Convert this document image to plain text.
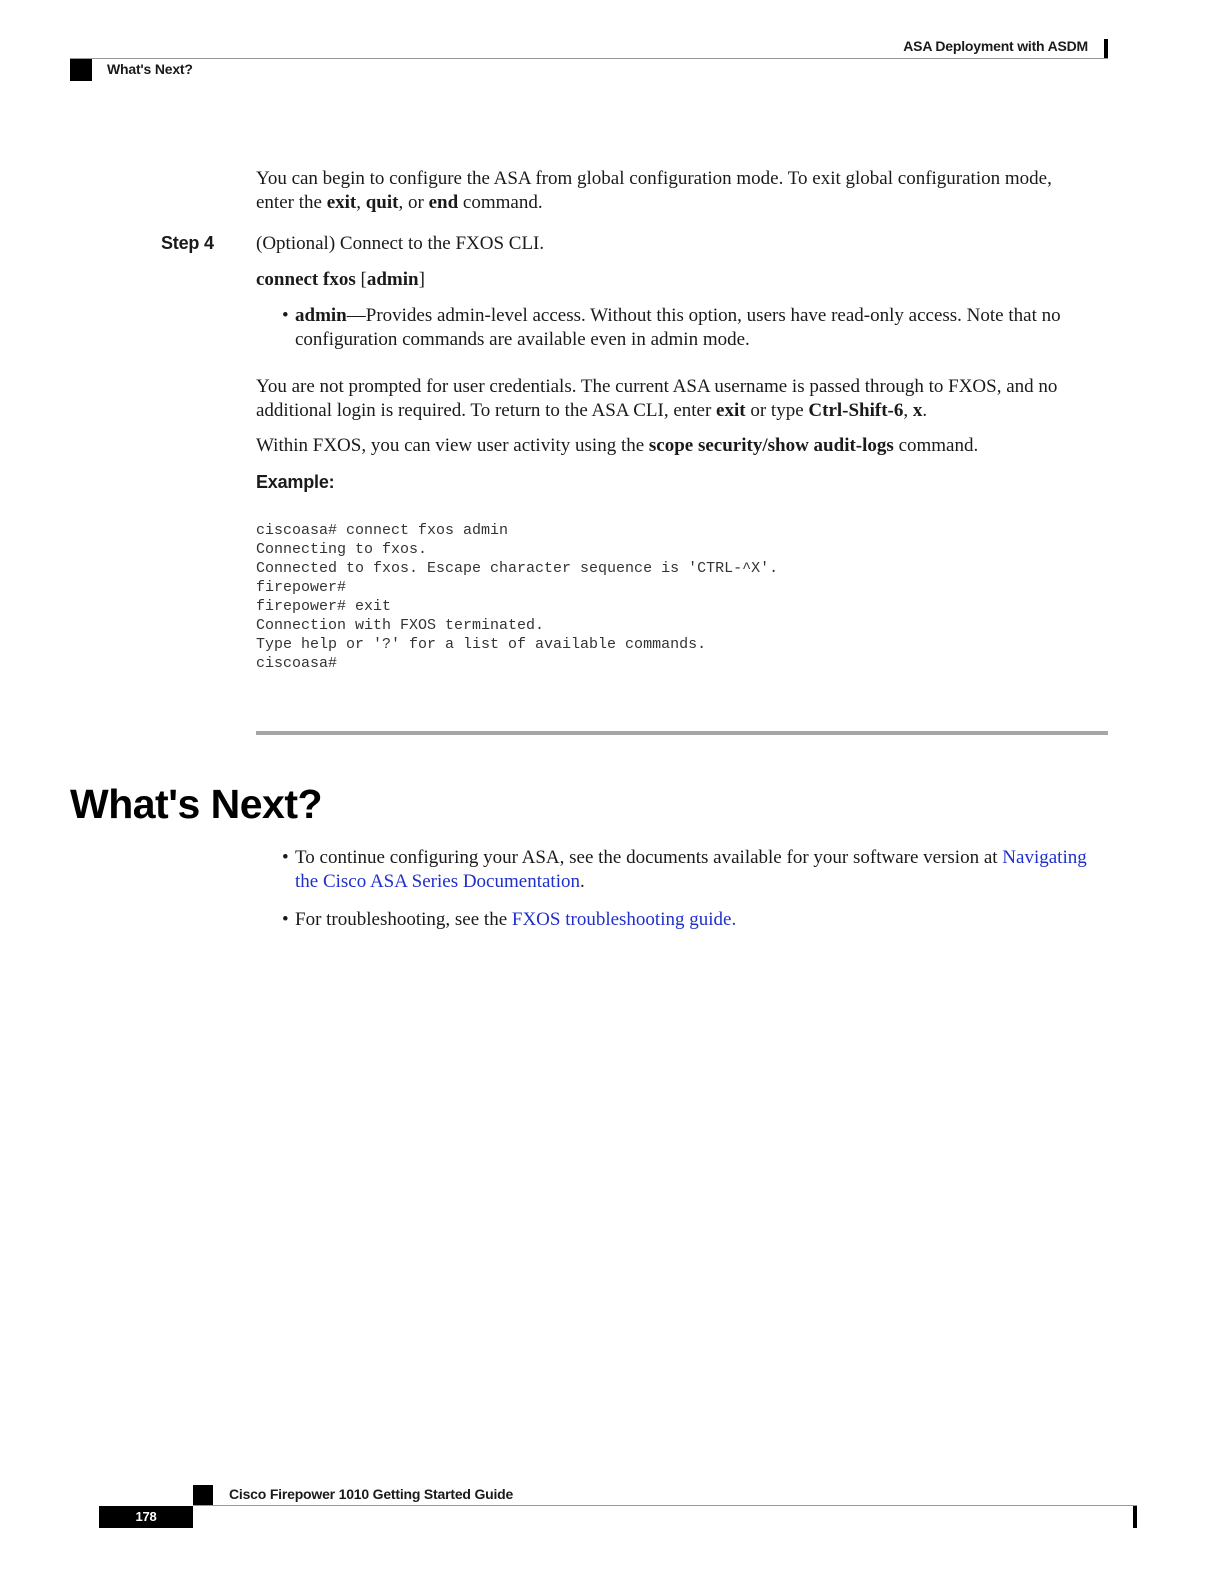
ASA Deployment with ASDM
What's Next?
You can begin to configure the ASA from global configuration mode. To exit global configuration mode,
enter the exit, quit, or end command.
Step 4 (Optional) Connect to the FXOS CLI.
connect fxos [admin]
• admin—Provides admin-level access. Without this option, users have read-only access. Note that no
configuration commands are available even in admin mode.
You are not prompted for user credentials. The current ASA username is passed through to FXOS, and no
additional login is required. To return to the ASA CLI, enter exit or type Ctrl-Shift-6, x.
Within FXOS, you can view user activity using the scope security/show audit-logs command.
Example:
ciscoasa# connect fxos admin
Connecting to fxos.
Connected to fxos. Escape character sequence is 'CTRL-^X'.
firepower#
firepower# exit
Connection with FXOS terminated.
Type help or '?' for a list of available commands.
ciscoasa#
What's Next?
• To continue configuring your ASA, see the documents available for your software version at Navigating
the Cisco ASA Series Documentation.
• For troubleshooting, see the FXOS troubleshooting guide.
Cisco Firepower 1010 Getting Started Guide
178
